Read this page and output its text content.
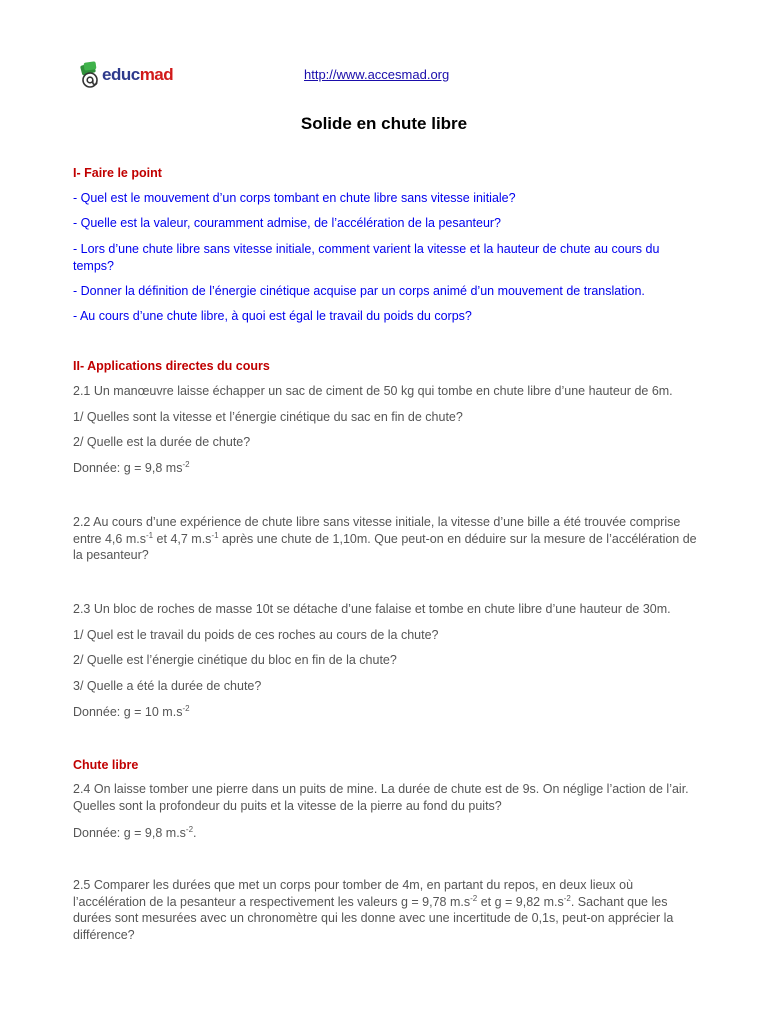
educmad	http://www.accesmad.org
Solide en chute libre
I- Faire le point
- Quel est le mouvement d’un corps tombant en chute libre sans vitesse initiale?
- Quelle est la valeur, couramment admise, de l’accélération de la pesanteur?
- Lors d’une chute libre sans vitesse initiale, comment varient la vitesse et la hauteur de chute au cours du temps?
- Donner la définition de l’énergie cinétique acquise par un corps animé d’un mouvement de translation.
- Au cours d’une chute libre, à quoi est égal le travail du poids du corps?
II- Applications directes du cours
2.1 Un manœuvre laisse échapper un sac de ciment de 50 kg qui tombe en chute libre d’une hauteur de 6m.
1/ Quelles sont la vitesse et l’énergie cinétique du sac en fin de chute?
2/ Quelle est la durée de chute?
Donnée: g = 9,8 $ms^{-2}$
2.2 Au cours d’une expérience de chute libre sans vitesse initiale, la vitesse d’une bille a été trouvée comprise entre 4,6 $m.s^{-1}$ et 4,7 $m.s^{-1}$ après une chute de 1,10m. Que peut-on en déduire sur la mesure de l’accélération de la pesanteur?
2.3 Un bloc de roches de masse 10t se détache d’une falaise et tombe en chute libre d’une hauteur de 30m.
1/ Quel est le travail du poids de ces roches au cours de la chute?
2/ Quelle est l’énergie cinétique du bloc en fin de la chute?
3/ Quelle a été la durée de chute?
Donnée: g = 10 $m.s^{-2}$
Chute libre
2.4 On laisse tomber une pierre dans un puits de mine. La durée de chute est de 9s. On néglige l’action de l’air. Quelles sont la profondeur du puits et la vitesse de la pierre au fond du puits?
Donnée: g = 9,8 $m.s^{-2}$.
2.5 Comparer les durées que met un corps pour tomber de 4m, en partant du repos, en deux lieux où l’accélération de la pesanteur a respectivement les valeurs g = 9,78 $m.s^{-2}$ et g = 9,82 $m.s^{-2}$. Sachant que les durées sont mesurées avec un chronomètre qui les donne avec une incertitude de 0,1s, peut-on apprécier la différence?
